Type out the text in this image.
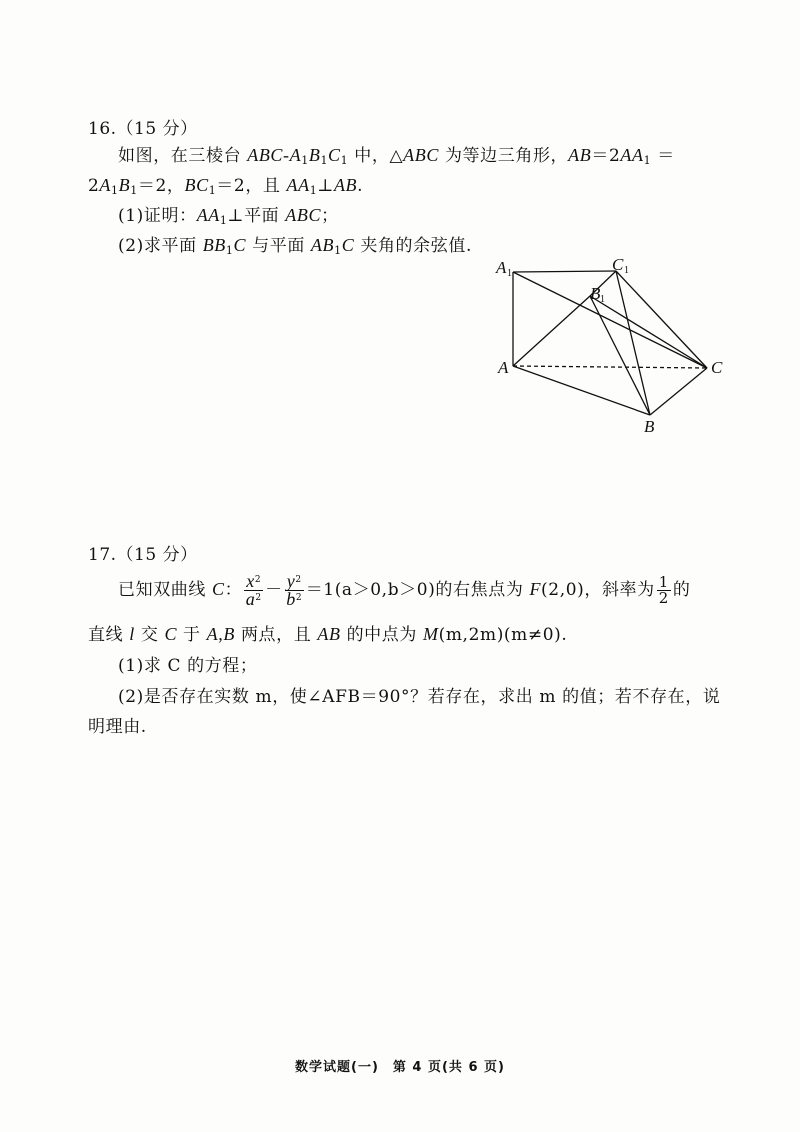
16.（15 分）
如图，在三棱台 ABC-$A_1B_1C_1$ 中，△ABC 为等边三角形，$AB=2AA_1$ ＝
$2A_1B_1=2$，$BC_1=2$，且 $AA_1\perp AB$.
(1)证明：$AA_1\perp$平面 ABC；
(2)求平面 $BB_1C$ 与平面 $AB_1C$ 夹角的余弦值.
A 1	C 1
B 1
A	C
B
17.（15 分）
已知双曲线 C： $\frac{x^2}{a^2} - \frac{y^2}{b^2} =1(a>0,b>0)$的右焦点为 F(2,0)，斜率为 $\frac{1}{2}$ 的
直线 l 交 C 于 A,B 两点，且 AB 的中点为 M(m,2m)(m≠0).
(1)求 C 的方程；
(2)是否存在实数 m，使∠AFB＝90°？若存在，求出 m 的值；若不存在，说
明理由.
数学试题(一)　第 4 页(共 6 页)
